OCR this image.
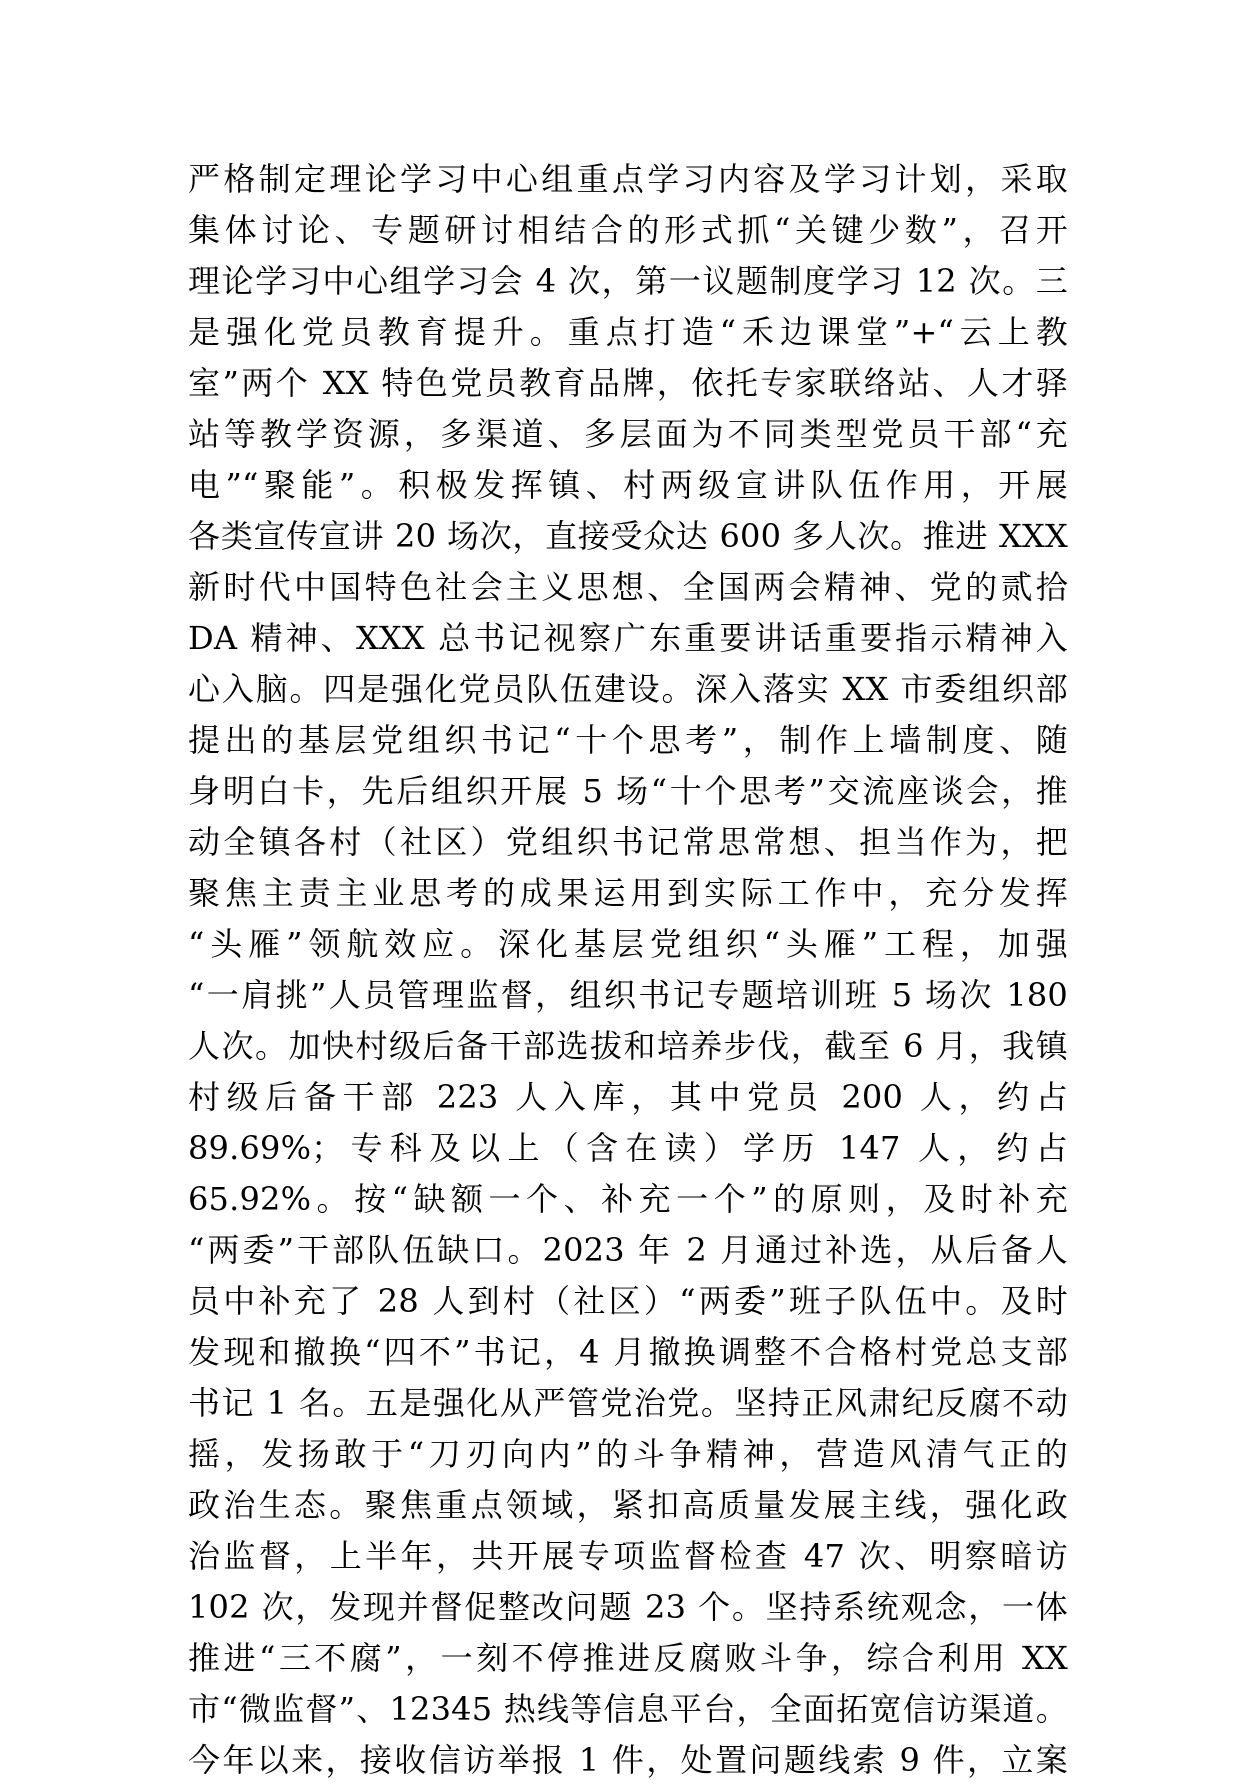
严格制定理论学习中心组重点学习内容及学习计划，采取
集体讨论、专题研讨相结合的形式抓“关键少数”，召开
理论学习中心组学习会 4 次，第一议题制度学习 12 次。三
是强化党员教育提升。重点打造“禾边课堂”+“云上教
室”两个 XX 特色党员教育品牌，依托专家联络站、人才驿
站等教学资源，多渠道、多层面为不同类型党员干部“充
电”“聚能”。积极发挥镇、村两级宣讲队伍作用，开展
各类宣传宣讲 20 场次，直接受众达 600 多人次。推进 XXX
新时代中国特色社会主义思想、全国两会精神、党的贰拾
DA 精神、XXX 总书记视察广东重要讲话重要指示精神入
心入脑。四是强化党员队伍建设。深入落实 XX 市委组织部
提出的基层党组织书记“十个思考”，制作上墙制度、随
身明白卡，先后组织开展 5 场“十个思考”交流座谈会，推
动全镇各村（社区）党组织书记常思常想、担当作为，把
聚焦主责主业思考的成果运用到实际工作中，充分发挥
“头雁”领航效应。深化基层党组织“头雁”工程，加强
“一肩挑”人员管理监督，组织书记专题培训班 5 场次 180
人次。加快村级后备干部选拔和培养步伐，截至 6 月，我镇
村级后备干部 223 人入库，其中党员 200 人，约占
89.69%；专科及以上（含在读）学历 147 人，约占
65.92%。按“缺额一个、补充一个”的原则，及时补充
“两委”干部队伍缺口。2023 年 2 月通过补选，从后备人
员中补充了 28 人到村（社区）“两委”班子队伍中。及时
发现和撤换“四不”书记，4 月撤换调整不合格村党总支部
书记 1 名。五是强化从严管党治党。坚持正风肃纪反腐不动
摇，发扬敢于“刀刃向内”的斗争精神，营造风清气正的
政治生态。聚焦重点领域，紧扣高质量发展主线，强化政
治监督，上半年，共开展专项监督检查 47 次、明察暗访
102 次，发现并督促整改问题 23 个。坚持系统观念，一体
推进“三不腐”，一刻不停推进反腐败斗争，综合利用 XX
市“微监督”、12345 热线等信息平台，全面拓宽信访渠道。
今年以来，接收信访举报 1 件，处置问题线索 9 件，立案
